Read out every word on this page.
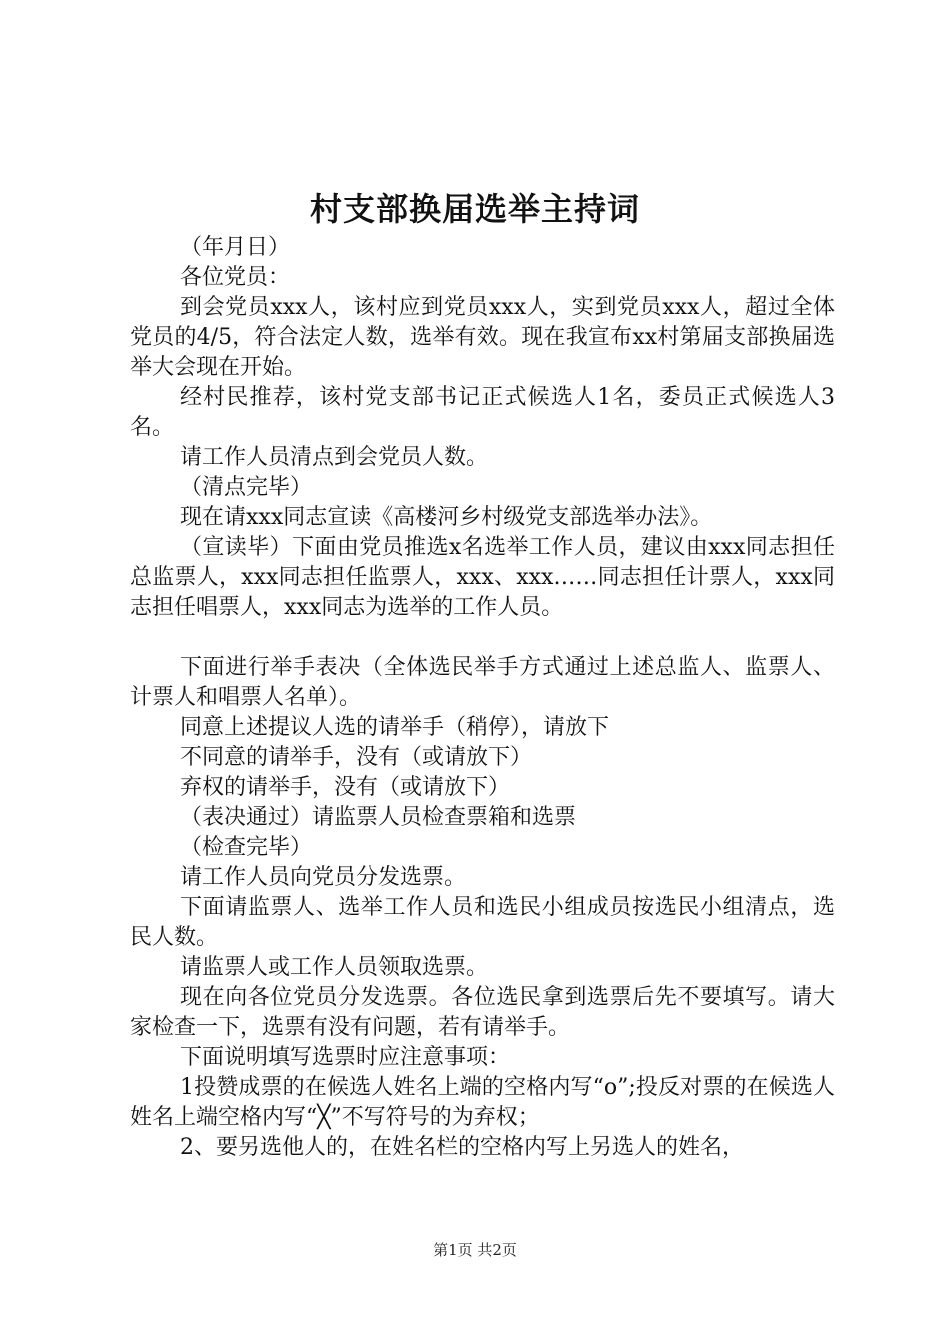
村支部换届选举主持词

（年月日）

各位党员：

到会党员xxx人，该村应到党员xxx人，实到党员xxx人，超过全体党员的4/5，符合法定人数，选举有效。现在我宣布xx村第届支部换届选举大会现在开始。

经村民推荐，该村党支部书记正式候选人1名，委员正式候选人3名。

请工作人员清点到会党员人数。

（清点完毕）

现在请xxx同志宣读《高楼河乡村级党支部选举办法》。

（宣读毕）下面由党员推选x名选举工作人员，建议由xxx同志担任总监票人，xxx同志担任监票人，xxx、xxx……同志担任计票人，xxx同志担任唱票人，xxx同志为选举的工作人员。

下面进行举手表决（全体选民举手方式通过上述总监人、监票人、计票人和唱票人名单）。

同意上述提议人选的请举手（稍停），请放下

不同意的请举手，没有（或请放下）

弃权的请举手，没有（或请放下）

（表决通过）请监票人员检查票箱和选票

（检查完毕）

请工作人员向党员分发选票。

下面请监票人、选举工作人员和选民小组成员按选民小组清点，选民人数。

请监票人或工作人员领取选票。

现在向各位党员分发选票。各位选民拿到选票后先不要填写。请大家检查一下，选票有没有问题，若有请举手。

下面说明填写选票时应注意事项：

1投赞成票的在候选人姓名上端的空格内写“o”;投反对票的在候选人姓名上端空格内写“╳”不写符号的为弃权；

2、要另选他人的，在姓名栏的空格内写上另选人的姓名，

第1页 共2页
